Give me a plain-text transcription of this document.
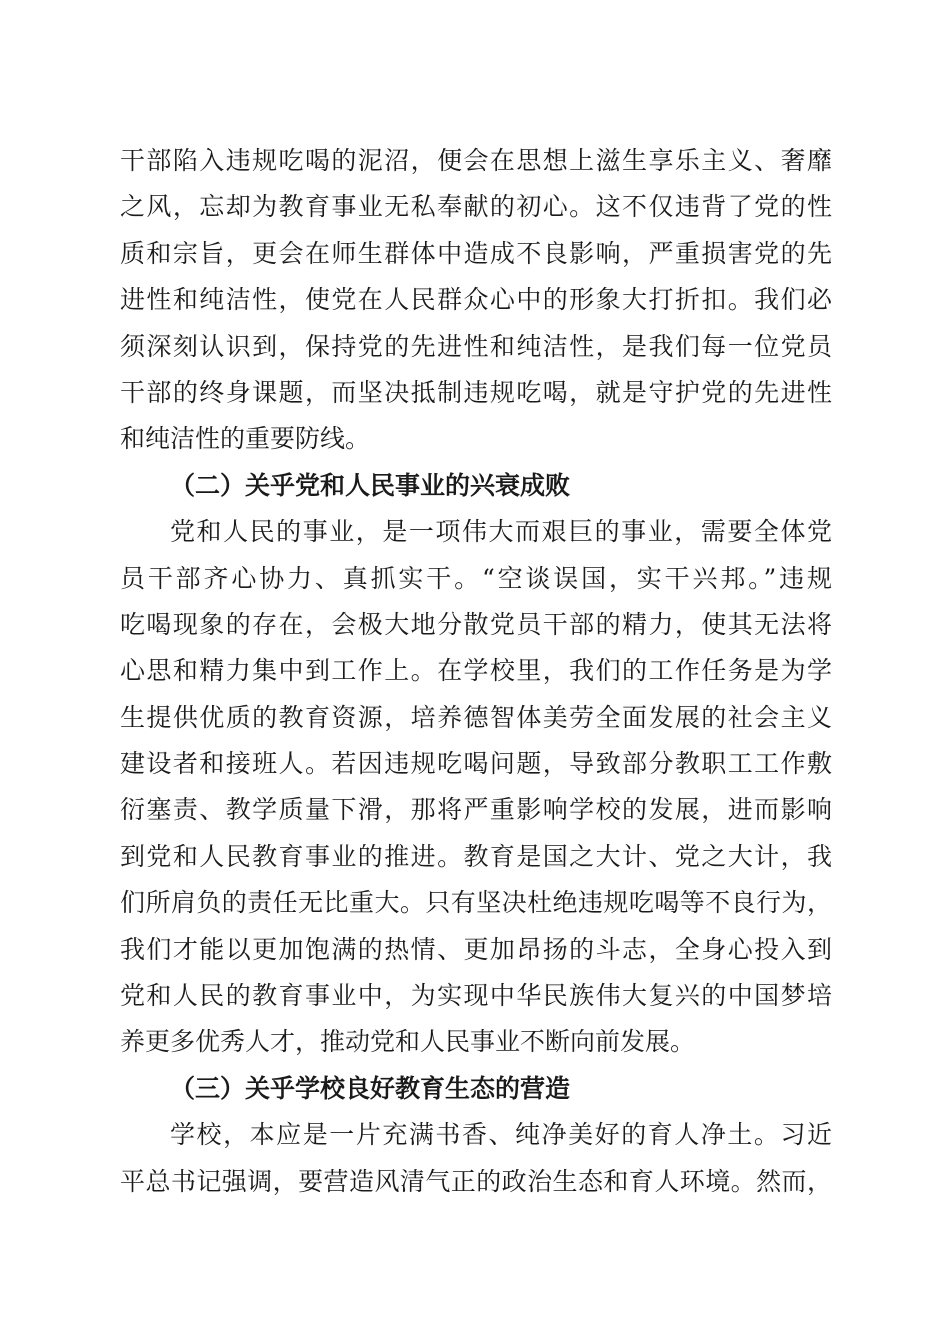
干部陷入违规吃喝的泥沼，便会在思想上滋生享乐主义、奢靡
之风，忘却为教育事业无私奉献的初心。这不仅违背了党的性
质和宗旨，更会在师生群体中造成不良影响，严重损害党的先
进性和纯洁性，使党在人民群众心中的形象大打折扣。我们必
须深刻认识到，保持党的先进性和纯洁性，是我们每一位党员
干部的终身课题，而坚决抵制违规吃喝，就是守护党的先进性
和纯洁性的重要防线。
（二）关乎党和人民事业的兴衰成败
党和人民的事业，是一项伟大而艰巨的事业，需要全体党
员干部齐心协力、真抓实干。“空谈误国，实干兴邦。”违规
吃喝现象的存在，会极大地分散党员干部的精力，使其无法将
心思和精力集中到工作上。在学校里，我们的工作任务是为学
生提供优质的教育资源，培养德智体美劳全面发展的社会主义
建设者和接班人。若因违规吃喝问题，导致部分教职工工作敷
衍塞责、教学质量下滑，那将严重影响学校的发展，进而影响
到党和人民教育事业的推进。教育是国之大计、党之大计，我
们所肩负的责任无比重大。只有坚决杜绝违规吃喝等不良行为，
我们才能以更加饱满的热情、更加昂扬的斗志，全身心投入到
党和人民的教育事业中，为实现中华民族伟大复兴的中国梦培
养更多优秀人才，推动党和人民事业不断向前发展。
（三）关乎学校良好教育生态的营造
学校，本应是一片充满书香、纯净美好的育人净土。习近
平总书记强调，要营造风清气正的政治生态和育人环境。然而，
